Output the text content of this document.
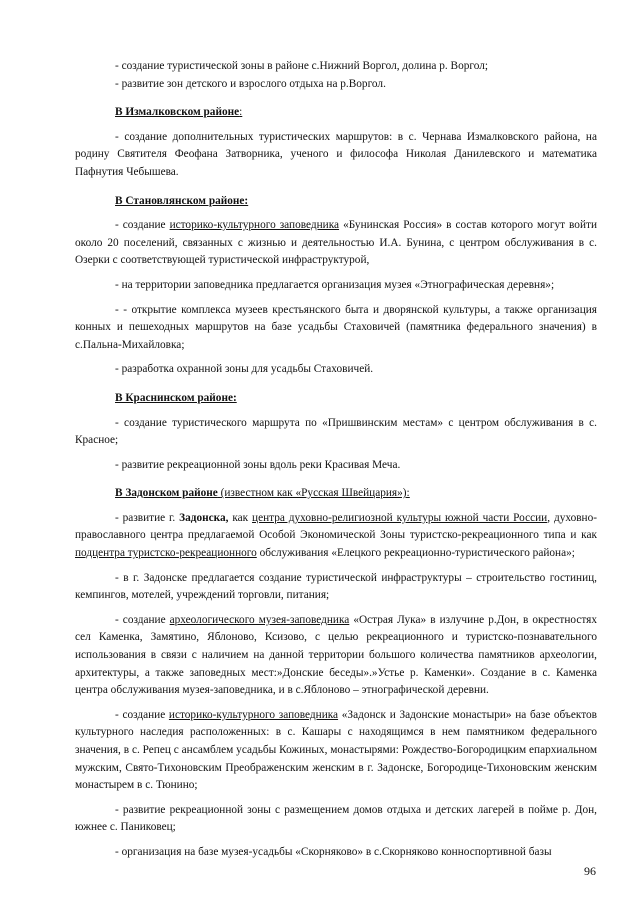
- создание туристической зоны в районе с.Нижний Воргол, долина р. Воргол;

- развитие зон детского и взрослого отдыха на р.Воргол.

В Измалковском районе:

- создание дополнительных туристических маршрутов: в с. Чернава Измалковского района, на родину Святителя Феофана Затворника, ученого и философа Николая Данилевского и математика Пафнутия Чебышева.

В Становлянском районе:

- создание историко-культурного заповедника «Бунинская Россия» в состав которого могут войти около 20 поселений, связанных с жизнью и деятельностью И.А. Бунина, с центром обслуживания в с. Озерки с соответствующей туристической инфраструктурой,

- на территории заповедника предлагается организация музея «Этнографическая деревня»;

- - открытие комплекса музеев крестьянского быта и дворянской культуры, а также организация конных и пешеходных маршрутов на базе усадьбы Стаховичей (памятника федерального значения) в с.Пальна-Михайловка;

- разработка охранной зоны для усадьбы Стаховичей.

В Краснинском районе:

- создание туристического маршрута по «Пришвинским местам» с центром обслуживания в с. Красное;

- развитие рекреационной зоны вдоль реки Красивая Меча.

В Задонском районе (известном как «Русская Швейцария»):

- развитие г. Задонска, как центра духовно-религиозной культуры южной части России, духовно- православного центра предлагаемой Особой Экономической Зоны туристско-рекреационного типа и как подцентра туристско-рекреационного обслуживания «Елецкого рекреационно-туристического района»;

- в г. Задонске предлагается создание туристической инфраструктуры – строительство гостиниц, кемпингов, мотелей, учреждений торговли, питания;

- создание археологического музея-заповедника «Острая Лука» в излучине р.Дон, в окрестностях сел Каменка, Замятино, Яблоново, Ксизово, с целью рекреационного и туристско-познавательного использования в связи с наличием на данной территории большого количества памятников археологии, архитектуры, а также заповедных мест:»Донские беседы».»Устье р. Каменки». Создание в с. Каменка центра обслуживания музея-заповедника, и в с.Яблоново – этнографической деревни.

- создание историко-культурного заповедника «Задонск и Задонские монастыри» на базе объектов культурного наследия расположенных: в с. Кашары с находящимся в нем памятником федерального значения, в с. Репец с ансамблем усадьбы Кожиных, монастырями: Рождество-Богородицким епархиальном мужским, Свято-Тихоновским Преображенским женским в г. Задонске, Богородице-Тихоновским женским монастырем в с. Тюнино;

- развитие рекреационной зоны с размещением домов отдыха и детских лагерей в пойме р. Дон, южнее с. Паниковец;

- организация на базе музея-усадьбы «Скорняково» в с.Скорняково конноспортивной базы

96
